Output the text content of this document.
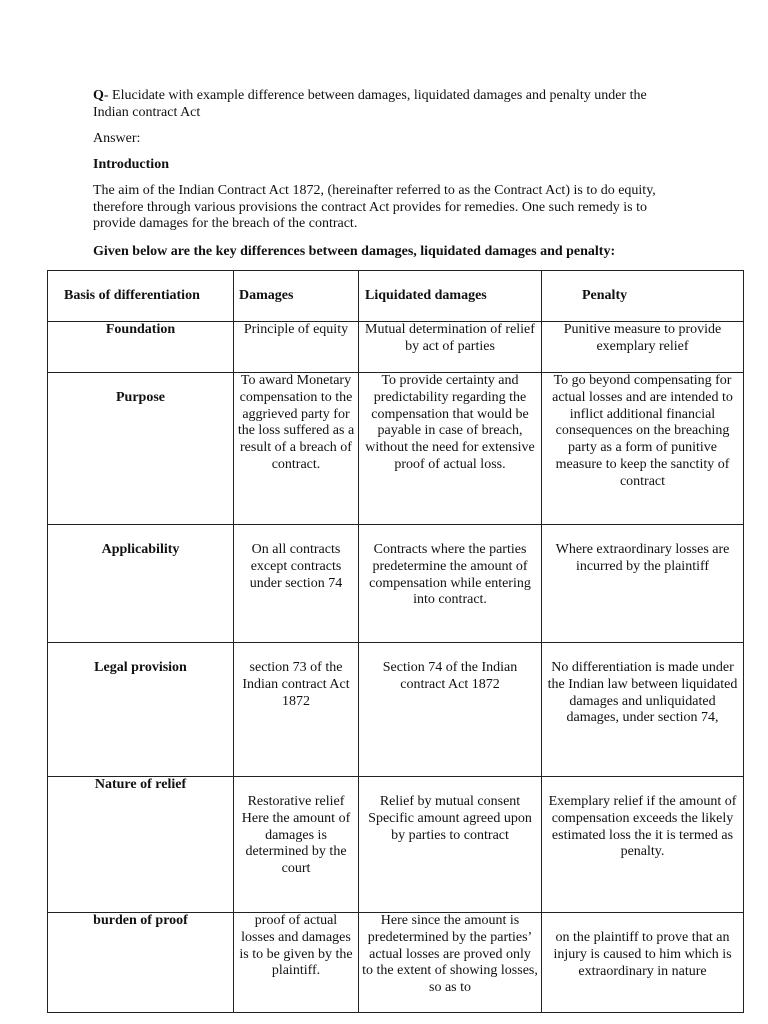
Q- Elucidate with example difference between damages, liquidated damages and penalty under the Indian contract Act
Answer:
Introduction
The aim of the Indian Contract Act 1872, (hereinafter referred to as the Contract Act) is to do equity, therefore through various provisions the contract Act provides for remedies. One such remedy is to provide damages for the breach of the contract.
Given below are the key differences between damages, liquidated damages and penalty:
Basis of differentiation	Damages	Liquidated damages	Penalty
Foundation	Principle of equity	Mutual determination of relief by act of parties	Punitive measure to provide exemplary relief
Purpose	To award Monetary compensation to the aggrieved party for the loss suffered as a result of a breach of contract.	To provide certainty and predictability regarding the compensation that would be payable in case of breach, without the need for extensive proof of actual loss.	To go beyond compensating for actual losses and are intended to inflict additional financial consequences on the breaching party as a form of punitive measure to keep the sanctity of contract
Applicability	On all contracts except contracts under section 74	Contracts where the parties predetermine the amount of compensation while entering into contract.	Where extraordinary losses are incurred by the plaintiff
Legal provision	section 73 of the Indian contract Act 1872	Section 74 of the Indian contract Act 1872	No differentiation is made under the Indian law between liquidated damages and unliquidated damages, under section 74,
Nature of relief	Restorative relief Here the amount of damages is determined by the court	Relief by mutual consent Specific amount agreed upon by parties to contract	Exemplary relief if the amount of compensation exceeds the likely estimated loss the it is termed as penalty.
burden of proof	proof of actual losses and damages is to be given by the plaintiff.	Here since the amount is predetermined by the parties’ actual losses are proved only to the extent of showing losses, so as to	on the plaintiff to prove that an injury is caused to him which is extraordinary in nature
